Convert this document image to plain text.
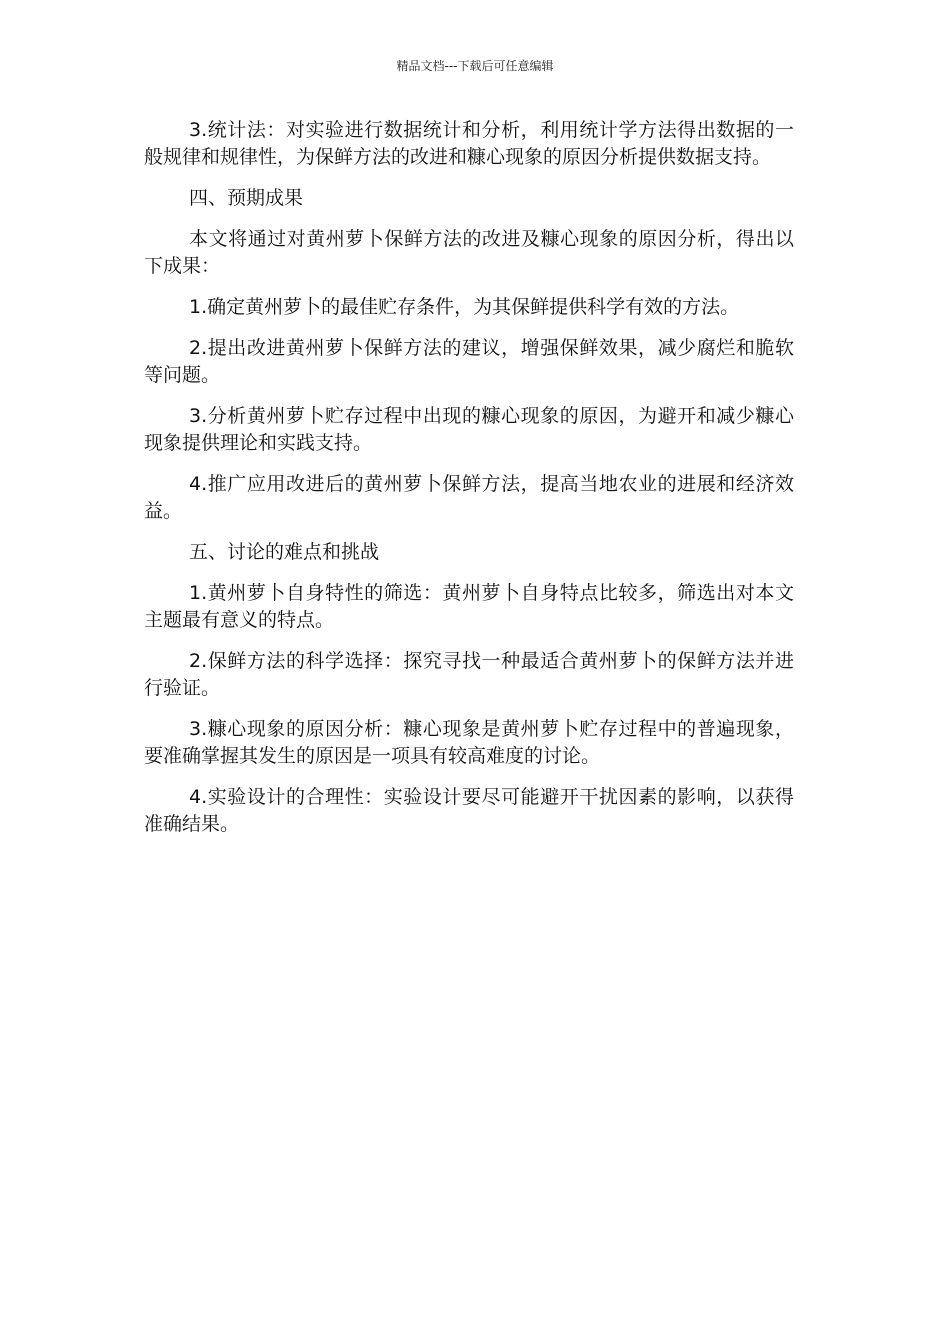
精品文档---下载后可任意编辑

3.统计法：对实验进行数据统计和分析，利用统计学方法得出数据的一般规律和规律性，为保鲜方法的改进和糠心现象的原因分析提供数据支持。

四、预期成果

本文将通过对黄州萝卜保鲜方法的改进及糠心现象的原因分析，得出以下成果：

1.确定黄州萝卜的最佳贮存条件，为其保鲜提供科学有效的方法。

2.提出改进黄州萝卜保鲜方法的建议，增强保鲜效果，减少腐烂和脆软等问题。

3.分析黄州萝卜贮存过程中出现的糠心现象的原因，为避开和减少糠心现象提供理论和实践支持。

4.推广应用改进后的黄州萝卜保鲜方法，提高当地农业的进展和经济效益。

五、讨论的难点和挑战

1.黄州萝卜自身特性的筛选：黄州萝卜自身特点比较多，筛选出对本文主题最有意义的特点。

2.保鲜方法的科学选择：探究寻找一种最适合黄州萝卜的保鲜方法并进行验证。

3.糠心现象的原因分析：糠心现象是黄州萝卜贮存过程中的普遍现象，要准确掌握其发生的原因是一项具有较高难度的讨论。

4.实验设计的合理性：实验设计要尽可能避开干扰因素的影响，以获得准确结果。
